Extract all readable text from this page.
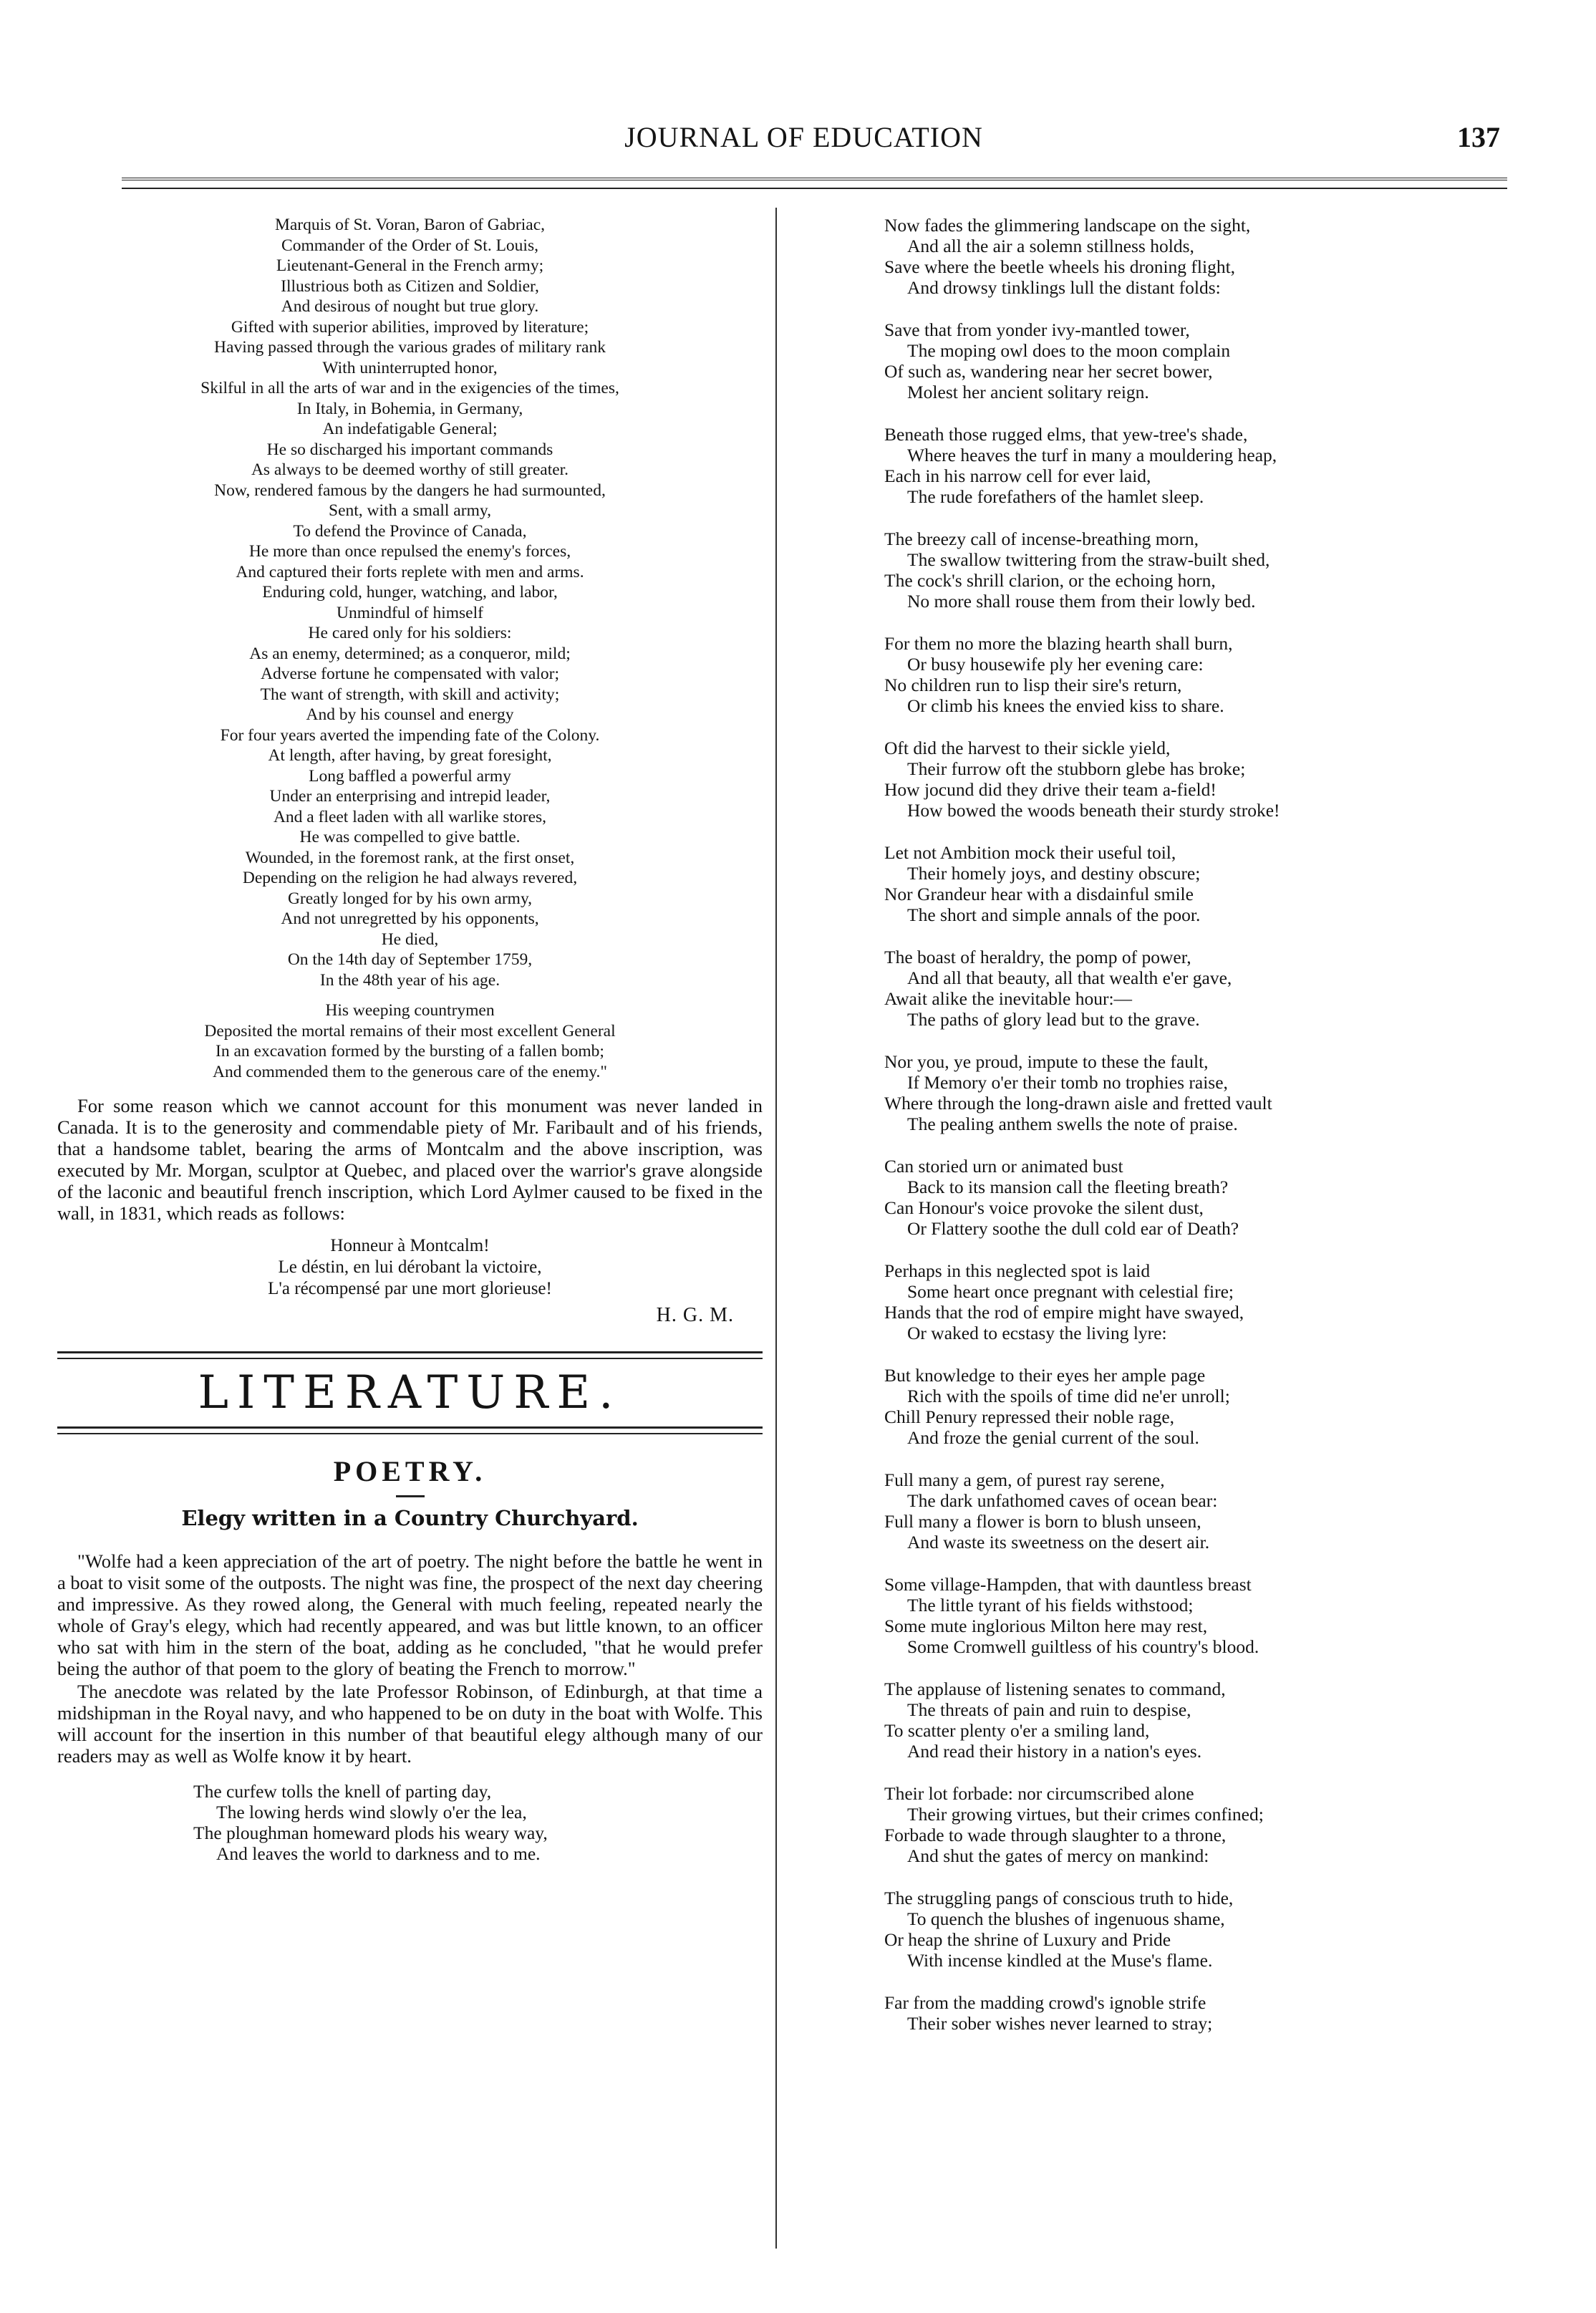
JOURNAL OF EDUCATION	137
Marquis of St. Voran, Baron of Gabriac,
Commander of the Order of St. Louis,
Lieutenant-General in the French army;
Illustrious both as Citizen and Soldier,
And desirous of nought but true glory.
Gifted with superior abilities, improved by literature;
Having passed through the various grades of military rank
With uninterrupted honor,
Skilful in all the arts of war and in the exigencies of the times,
In Italy, in Bohemia, in Germany,
An indefatigable General;
He so discharged his important commands
As always to be deemed worthy of still greater.
Now, rendered famous by the dangers he had surmounted,
Sent, with a small army,
To defend the Province of Canada,
He more than once repulsed the enemy's forces,
And captured their forts replete with men and arms.
Enduring cold, hunger, watching, and labor,
Unmindful of himself
He cared only for his soldiers:
As an enemy, determined; as a conqueror, mild;
Adverse fortune he compensated with valor;
The want of strength, with skill and activity;
And by his counsel and energy
For four years averted the impending fate of the Colony.
At length, after having, by great foresight,
Long baffled a powerful army
Under an enterprising and intrepid leader,
And a fleet laden with all warlike stores,
He was compelled to give battle.
Wounded, in the foremost rank, at the first onset,
Depending on the religion he had always revered,
Greatly longed for by his own army,
And not unregretted by his opponents,
He died,
On the 14th day of September 1759,
In the 48th year of his age.
His weeping countrymen
Deposited the mortal remains of their most excellent General
In an excavation formed by the bursting of a fallen bomb;
And commended them to the generous care of the enemy."

For some reason which we cannot account for this monument was never landed in Canada. It is to the generosity and commendable piety of Mr. Faribault and of his friends, that a handsome tablet, bearing the arms of Montcalm and the above inscription, was executed by Mr. Morgan, sculptor at Quebec, and placed over the warrior's grave alongside of the laconic and beautiful french inscription, which Lord Aylmer caused to be fixed in the wall, in 1831, which reads as follows:

Honneur à Montcalm!
Le déstin, en lui dérobant la victoire,
L'a récompensé par une mort glorieuse!
H. G. M.
LITERATURE.
POETRY.
Elegy written in a Country Churchyard.

"Wolfe had a keen appreciation of the art of poetry. The night before the battle he went in a boat to visit some of the outposts. The night was fine, the prospect of the next day cheering and impressive. As they rowed along, the General with much feeling, repeated nearly the whole of Gray's elegy, which had recently appeared, and was but little known, to an officer who sat with him in the stern of the boat, adding as he concluded, "that he would prefer being the author of that poem to the glory of beating the French to morrow."

The anecdote was related by the late Professor Robinson, of Edinburgh, at that time a midshipman in the Royal navy, and who happened to be on duty in the boat with Wolfe. This will account for the insertion in this number of that beautiful elegy although many of our readers may as well as Wolfe know it by heart.

The curfew tolls the knell of parting day,
The lowing herds wind slowly o'er the lea,
The ploughman homeward plods his weary way,
And leaves the world to darkness and to me.
Now fades the glimmering landscape on the sight,
And all the air a solemn stillness holds,
Save where the beetle wheels his droning flight,
And drowsy tinklings lull the distant folds:
Save that from yonder ivy-mantled tower,
The moping owl does to the moon complain
Of such as, wandering near her secret bower,
Molest her ancient solitary reign.
Beneath those rugged elms, that yew-tree's shade,
Where heaves the turf in many a mouldering heap,
Each in his narrow cell for ever laid,
The rude forefathers of the hamlet sleep.
The breezy call of incense-breathing morn,
The swallow twittering from the straw-built shed,
The cock's shrill clarion, or the echoing horn,
No more shall rouse them from their lowly bed.
For them no more the blazing hearth shall burn,
Or busy housewife ply her evening care:
No children run to lisp their sire's return,
Or climb his knees the envied kiss to share.
Oft did the harvest to their sickle yield,
Their furrow oft the stubborn glebe has broke;
How jocund did they drive their team a-field!
How bowed the woods beneath their sturdy stroke!
Let not Ambition mock their useful toil,
Their homely joys, and destiny obscure;
Nor Grandeur hear with a disdainful smile
The short and simple annals of the poor.
The boast of heraldry, the pomp of power,
And all that beauty, all that wealth e'er gave,
Await alike the inevitable hour:—
The paths of glory lead but to the grave.
Nor you, ye proud, impute to these the fault,
If Memory o'er their tomb no trophies raise,
Where through the long-drawn aisle and fretted vault
The pealing anthem swells the note of praise.
Can storied urn or animated bust
Back to its mansion call the fleeting breath?
Can Honour's voice provoke the silent dust,
Or Flattery soothe the dull cold ear of Death?
Perhaps in this neglected spot is laid
Some heart once pregnant with celestial fire;
Hands that the rod of empire might have swayed,
Or waked to ecstasy the living lyre:
But knowledge to their eyes her ample page
Rich with the spoils of time did ne'er unroll;
Chill Penury repressed their noble rage,
And froze the genial current of the soul.
Full many a gem, of purest ray serene,
The dark unfathomed caves of ocean bear:
Full many a flower is born to blush unseen,
And waste its sweetness on the desert air.
Some village-Hampden, that with dauntless breast
The little tyrant of his fields withstood;
Some mute inglorious Milton here may rest,
Some Cromwell guiltless of his country's blood.
The applause of listening senates to command,
The threats of pain and ruin to despise,
To scatter plenty o'er a smiling land,
And read their history in a nation's eyes.
Their lot forbade: nor circumscribed alone
Their growing virtues, but their crimes confined;
Forbade to wade through slaughter to a throne,
And shut the gates of mercy on mankind:
The struggling pangs of conscious truth to hide,
To quench the blushes of ingenuous shame,
Or heap the shrine of Luxury and Pride
With incense kindled at the Muse's flame.
Far from the madding crowd's ignoble strife
Their sober wishes never learned to stray;
